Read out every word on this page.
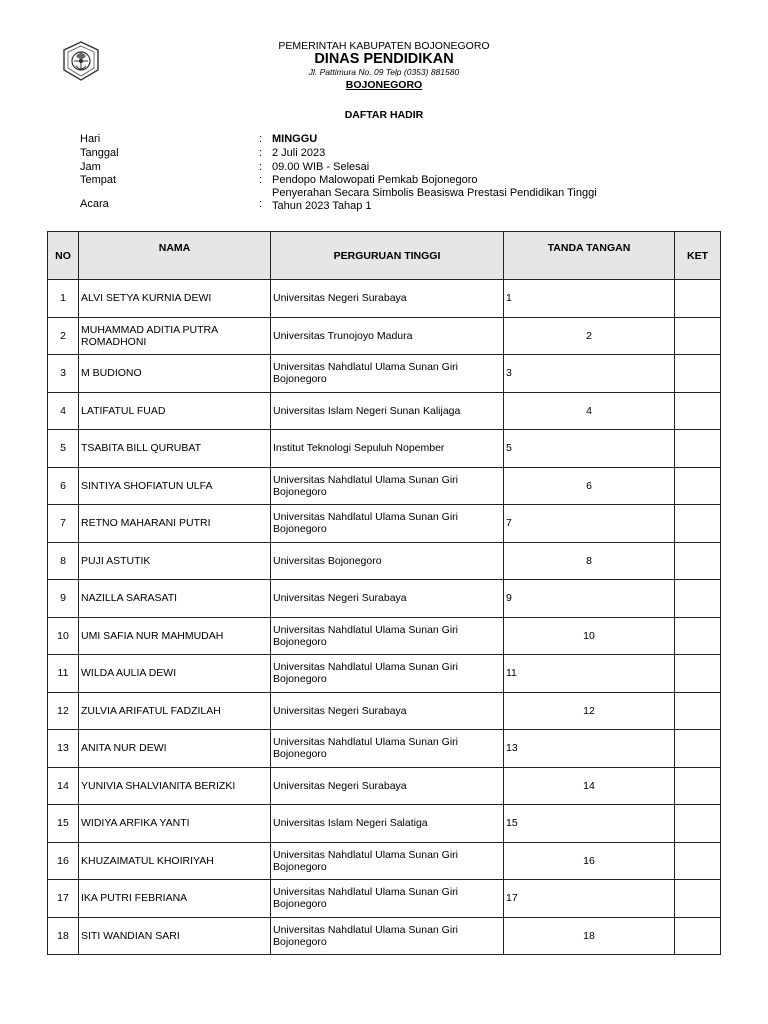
PEMERINTAH KABUPATEN BOJONEGORO
DINAS PENDIDIKAN
Jl. Pattimura No. 09 Telp (0353) 881580
BOJONEGORO
DAFTAR HADIR
Hari	: MINGGU
Tanggal	: 2 Juli 2023
Jam	: 09.00 WIB - Selesai
Tempat	: Pendopo Malowopati Pemkab Bojonegoro
Penyerahan Secara Simbolis Beasiswa Prestasi Pendidikan Tinggi
Acara	: Tahun 2023 Tahap 1
NO	NAMA	PERGURUAN TINGGI	TANDA TANGAN	KET
1	ALVI SETYA KURNIA DEWI	Universitas Negeri Surabaya	1	
2	MUHAMMAD ADITIA PUTRA ROMADHONI	Universitas Trunojoyo Madura	2	
3	M BUDIONO	Universitas Nahdlatul Ulama Sunan Giri Bojonegoro	3	
4	LATIFATUL FUAD	Universitas Islam Negeri Sunan Kalijaga	4	
5	TSABITA BILL QURUBAT	Institut Teknologi Sepuluh Nopember	5	
6	SINTIYA SHOFIATUN ULFA	Universitas Nahdlatul Ulama Sunan Giri Bojonegoro	6	
7	RETNO MAHARANI PUTRI	Universitas Nahdlatul Ulama Sunan Giri Bojonegoro	7	
8	PUJI ASTUTIK	Universitas Bojonegoro	8	
9	NAZILLA SARASATI	Universitas Negeri Surabaya	9	
10	UMI SAFIA NUR MAHMUDAH	Universitas Nahdlatul Ulama Sunan Giri Bojonegoro	10	
11	WILDA AULIA DEWI	Universitas Nahdlatul Ulama Sunan Giri Bojonegoro	11	
12	ZULVIA ARIFATUL FADZILAH	Universitas Negeri Surabaya	12	
13	ANITA NUR DEWI	Universitas Nahdlatul Ulama Sunan Giri Bojonegoro	13	
14	YUNIVIA SHALVIANITA BERIZKI	Universitas Negeri Surabaya	14	
15	WIDIYA ARFIKA YANTI	Universitas Islam Negeri Salatiga	15	
16	KHUZAIMATUL KHOIRIYAH	Universitas Nahdlatul Ulama Sunan Giri Bojonegoro	16	
17	IKA PUTRI FEBRIANA	Universitas Nahdlatul Ulama Sunan Giri Bojonegoro	17	
18	SITI WANDIAN SARI	Universitas Nahdlatul Ulama Sunan Giri Bojonegoro	18	
